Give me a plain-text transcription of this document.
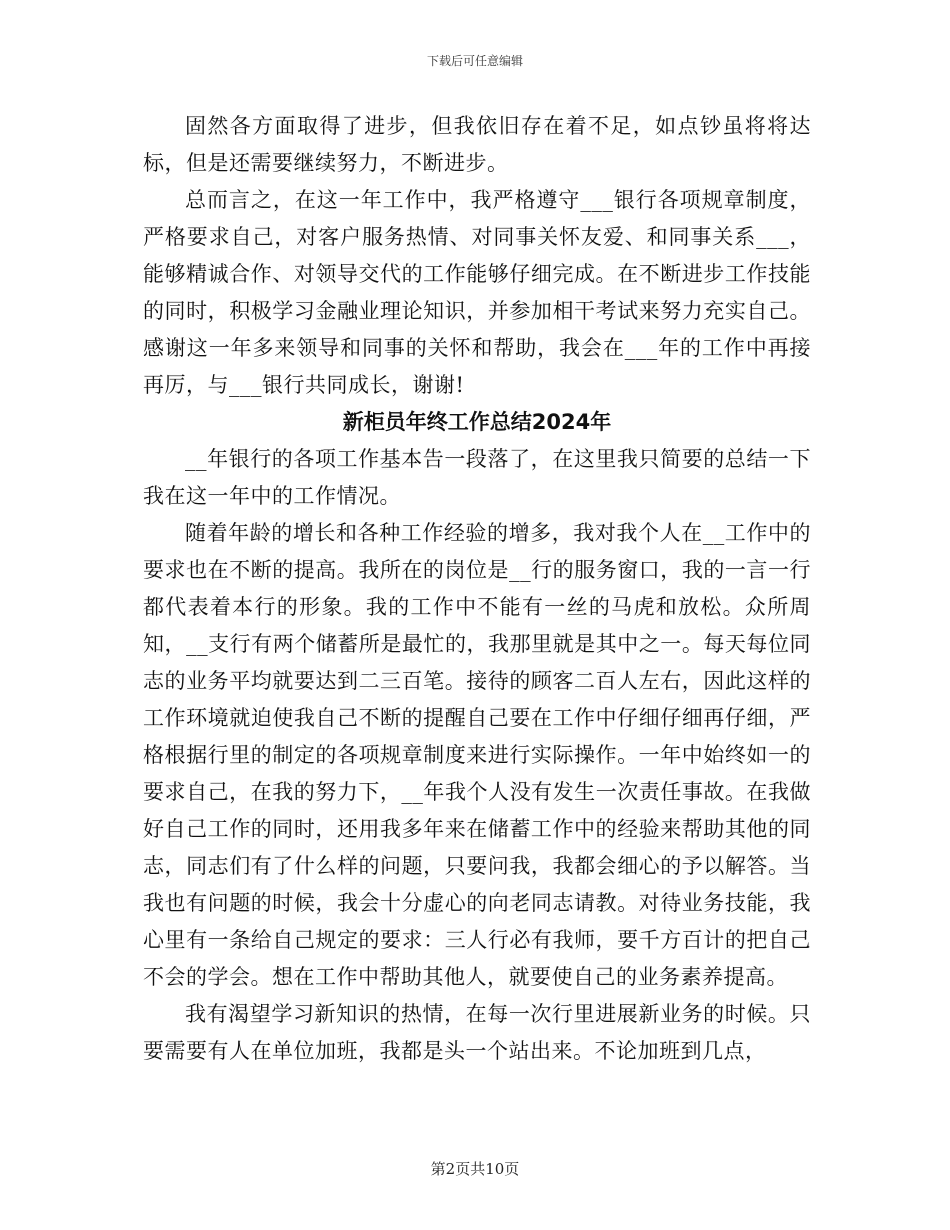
下载后可任意编辑

固然各方面取得了进步，但我依旧存在着不足，如点钞虽将将达标，但是还需要继续努力，不断进步。

总而言之，在这一年工作中，我严格遵守___银行各项规章制度，严格要求自己，对客户服务热情、对同事关怀友爱、和同事关系___，能够精诚合作、对领导交代的工作能够仔细完成。在不断进步工作技能的同时，积极学习金融业理论知识，并参加相干考试来努力充实自己。感谢这一年多来领导和同事的关怀和帮助，我会在___年的工作中再接再厉，与___银行共同成长，谢谢!

新柜员年终工作总结2024年

__年银行的各项工作基本告一段落了，在这里我只简要的总结一下我在这一年中的工作情况。

随着年龄的增长和各种工作经验的增多，我对我个人在__工作中的要求也在不断的提高。我所在的岗位是__行的服务窗口，我的一言一行都代表着本行的形象。我的工作中不能有一丝的马虎和放松。众所周知，__支行有两个储蓄所是最忙的，我那里就是其中之一。每天每位同志的业务平均就要达到二三百笔。接待的顾客二百人左右，因此这样的工作环境就迫使我自己不断的提醒自己要在工作中仔细仔细再仔细，严格根据行里的制定的各项规章制度来进行实际操作。一年中始终如一的要求自己，在我的努力下，__年我个人没有发生一次责任事故。在我做好自己工作的同时，还用我多年来在储蓄工作中的经验来帮助其他的同志，同志们有了什么样的问题，只要问我，我都会细心的予以解答。当我也有问题的时候，我会十分虚心的向老同志请教。对待业务技能，我心里有一条给自己规定的要求：三人行必有我师，要千方百计的把自己不会的学会。想在工作中帮助其他人，就要使自己的业务素养提高。

我有渴望学习新知识的热情，在每一次行里进展新业务的时候。只要需要有人在单位加班，我都是头一个站出来。不论加班到几点，

第2页共10页
